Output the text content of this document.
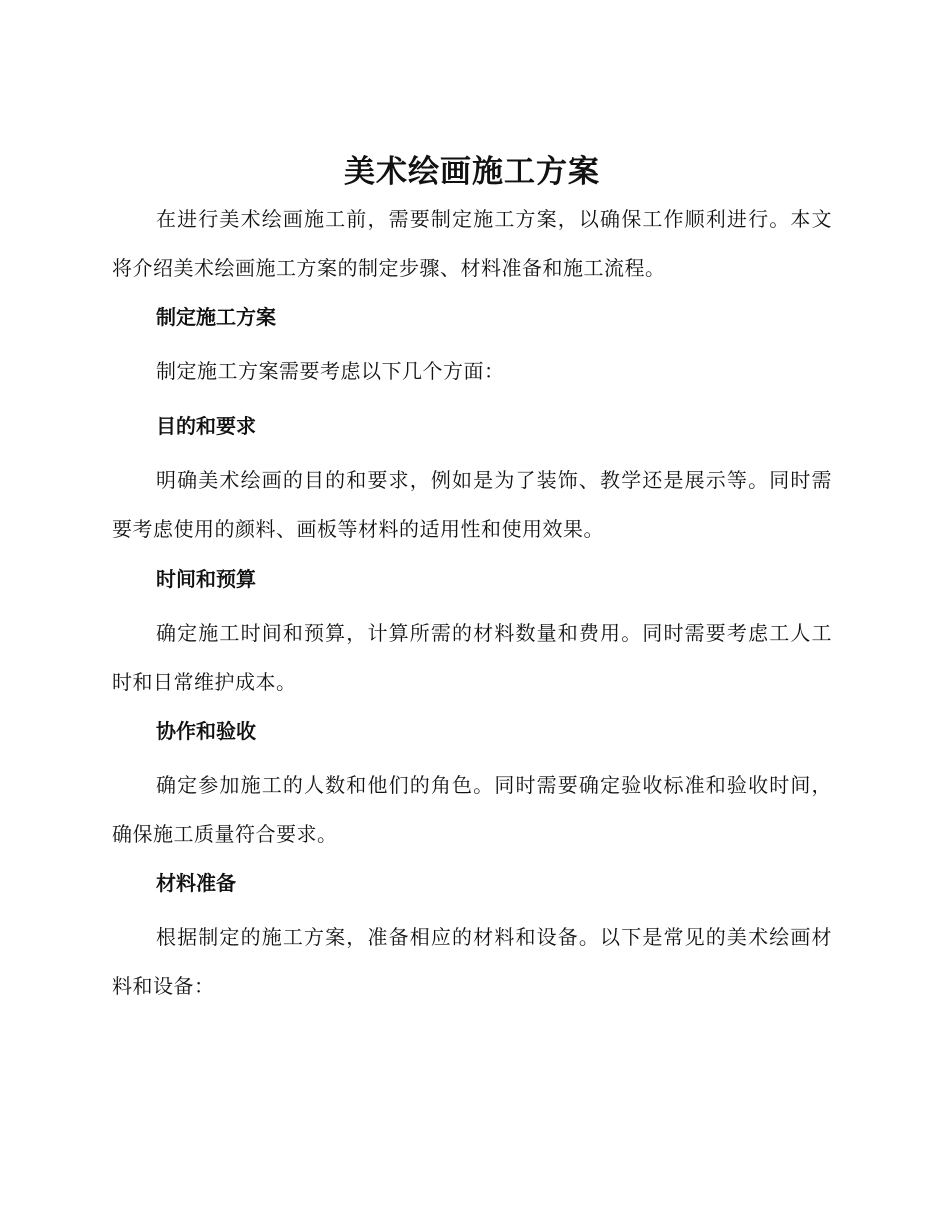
美术绘画施工方案
在进行美术绘画施工前，需要制定施工方案，以确保工作顺利进行。本文将介绍美术绘画施工方案的制定步骤、材料准备和施工流程。
制定施工方案
制定施工方案需要考虑以下几个方面：
目的和要求
明确美术绘画的目的和要求，例如是为了装饰、教学还是展示等。同时需要考虑使用的颜料、画板等材料的适用性和使用效果。
时间和预算
确定施工时间和预算，计算所需的材料数量和费用。同时需要考虑工人工时和日常维护成本。
协作和验收
确定参加施工的人数和他们的角色。同时需要确定验收标准和验收时间，确保施工质量符合要求。
材料准备
根据制定的施工方案，准备相应的材料和设备。以下是常见的美术绘画材料和设备：
